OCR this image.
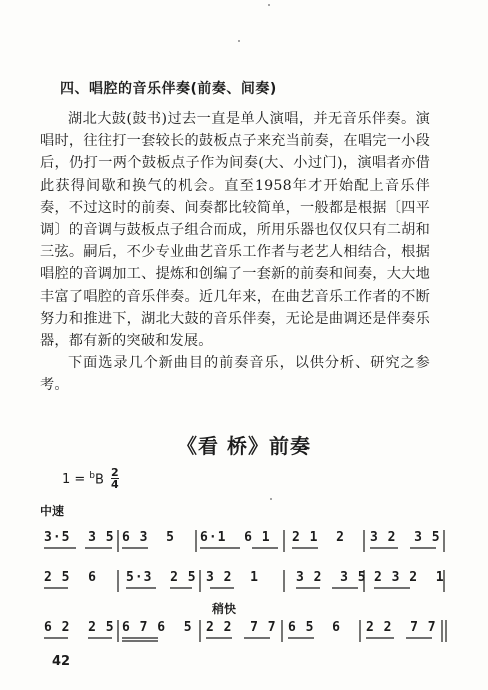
四、唱腔的音乐伴奏(前奏、间奏)

湖北大鼓(鼓书)过去一直是单人演唱，并无音乐伴奏。演唱时，往往打一套较长的鼓板点子来充当前奏，在唱完一小段后，仍打一两个鼓板点子作为间奏(大、小过门)，演唱者亦借此获得间歇和换气的机会。直至1958年才开始配上音乐伴奏，不过这时的前奏、间奏都比较简单，一般都是根据〔四平调〕的音调与鼓板点子组合而成，所用乐器也仅仅只有二胡和三弦。嗣后，不少专业曲艺音乐工作者与老艺人相结合，根据唱腔的音调加工、提炼和创编了一套新的前奏和间奏，大大地丰富了唱腔的音乐伴奏。近几年来，在曲艺音乐工作者的不断努力和推进下，湖北大鼓的音乐伴奏，无论是曲调还是伴奏乐器，都有新的突破和发展。

下面选录几个新曲目的前奏音乐，以供分析、研究之参考。

《看 桥》前奏
1 = $^b$B 2
4
中速
3·5  3 5 6 3  5 6·1  6 1 2 1  2 3 2  3 5
2 5  6 5·3  2 5 3 2  1	3 2  3 5 2 3 2  1
稍快
6 2  2 5 6 7 6  5 2 2  7 7 6 5  6 2 2  7 7
42
